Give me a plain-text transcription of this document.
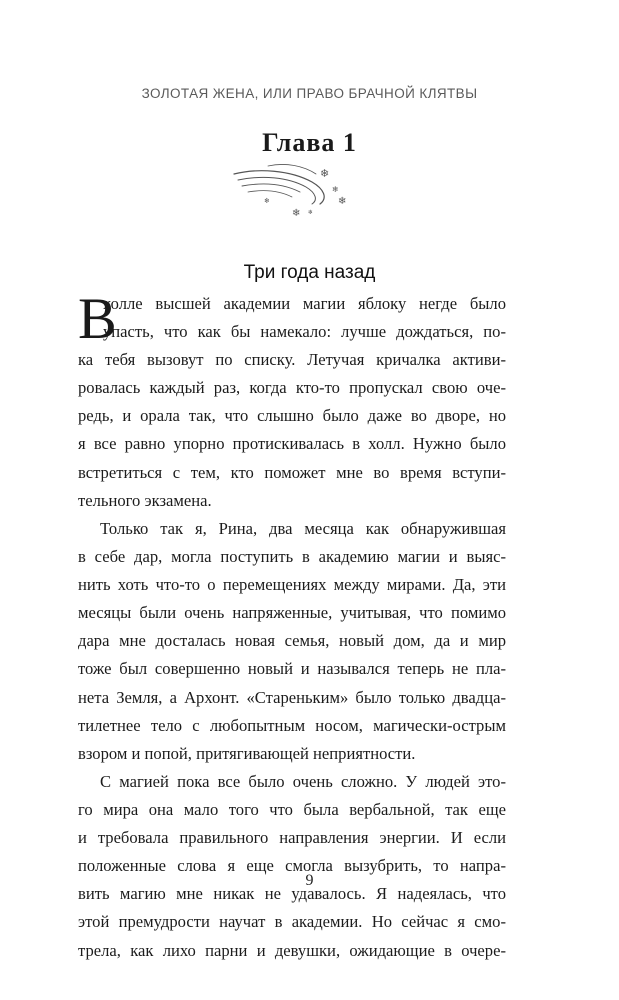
ЗОЛОТАЯ ЖЕНА, ИЛИ ПРАВО БРАЧНОЙ КЛЯТВЫ
Глава 1
❄
❄
❄
❄
❄
❄
Три года назад
В
холле высшей академии магии яблоку негде было
упасть, что как бы намекало: лучше дождаться, по-
ка тебя вызовут по списку. Летучая кричалка активи-
ровалась каждый раз, когда кто-то пропускал свою оче-
редь, и орала так, что слышно было даже во дворе, но
я все равно упорно протискивалась в холл. Нужно было
встретиться с тем, кто поможет мне во время вступи-
тельного экзамена.
Только так я, Рина, два месяца как обнаружившая
в себе дар, могла поступить в академию магии и выяс-
нить хоть что-то о перемещениях между мирами. Да, эти
месяцы были очень напряженные, учитывая, что помимо
дара мне досталась новая семья, новый дом, да и мир
тоже был совершенно новый и назывался теперь не пла-
нета Земля, а Архонт. «Стареньким» было только двадца-
тилетнее тело с любопытным носом, магически-острым
взором и попой, притягивающей неприятности.
С магией пока все было очень сложно. У людей это-
го мира она мало того что была вербальной, так еще
и требовала правильного направления энергии. И если
положенные слова я еще смогла вызубрить, то напра-
вить магию мне никак не удавалось. Я надеялась, что
этой премудрости научат в академии. Но сейчас я смо-
трела, как лихо парни и девушки, ожидающие в очере-
9
